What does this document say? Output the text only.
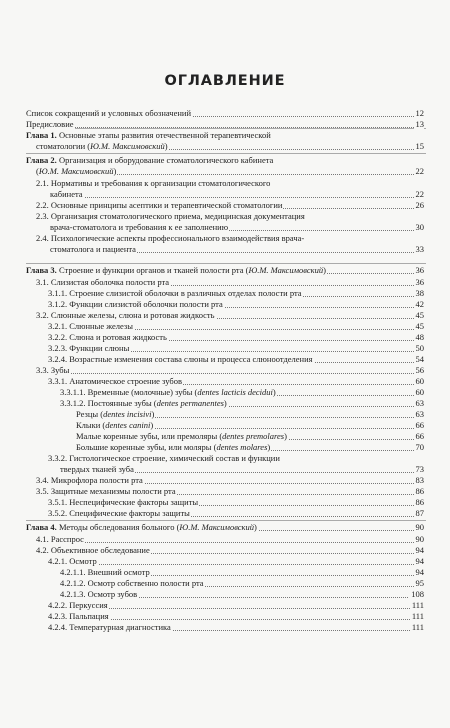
ОГЛАВЛЕНИЕ
Список сокращений и условных обозначений	12
Предисловие	13
Глава 1. Основные этапы развития отечественной терапевтической
стоматологии (Ю.М. Максимовский)	15
Глава 2. Организация и оборудование стоматологического кабинета
(Ю.М. Максимовский)	22
2.1. Нормативы и требования к организации стоматологического
кабинета	22
2.2. Основные принципы асептики и терапевтической стоматологии	26
2.3. Организация стоматологического приема, медицинская документация
врача-стоматолога и требования к ее заполнению	30
2.4. Психологические аспекты профессионального взаимодействия врача-
стоматолога и пациента	33
Глава 3. Строение и функции органов и тканей полости рта (Ю.М. Максимовский)	36
3.1. Слизистая оболочка полости рта	36
3.1.1. Строение слизистой оболочки в различных отделах полости рта	38
3.1.2. Функции слизистой оболочки полости рта	42
3.2. Слюнные железы, слюна и ротовая жидкость	45
3.2.1. Слюнные железы	45
3.2.2. Слюна и ротовая жидкость	48
3.2.3. Функции слюны	50
3.2.4. Возрастные изменения состава слюны и процесса слюноотделения	54
3.3. Зубы	56
3.3.1. Анатомическое строение зубов	60
3.3.1.1. Временные (молочные) зубы (dentes lacticis decidui)	60
3.3.1.2. Постоянные зубы (dentes permanentes)	63
Резцы (dentes incisivi)	63
Клыки (dentes canini)	66
Малые коренные зубы, или премоляры (dentes premolares)	66
Большие коренные зубы, или моляры (dentes molares)	70
3.3.2. Гистологическое строение, химический состав и функции
твердых тканей зуба	73
3.4. Микрофлора полости рта	83
3.5. Защитные механизмы полости рта	86
3.5.1. Неспецифические факторы защиты	86
3.5.2. Специфические факторы защиты	87
Глава 4. Методы обследования больного (Ю.М. Максимовский)	90
4.1. Расспрос	90
4.2. Объективное обследование	94
4.2.1. Осмотр	94
4.2.1.1. Внешний осмотр	94
4.2.1.2. Осмотр собственно полости рта	95
4.2.1.3. Осмотр зубов	108
4.2.2. Перкуссия	111
4.2.3. Пальпация	111
4.2.4. Температурная диагностика	111
